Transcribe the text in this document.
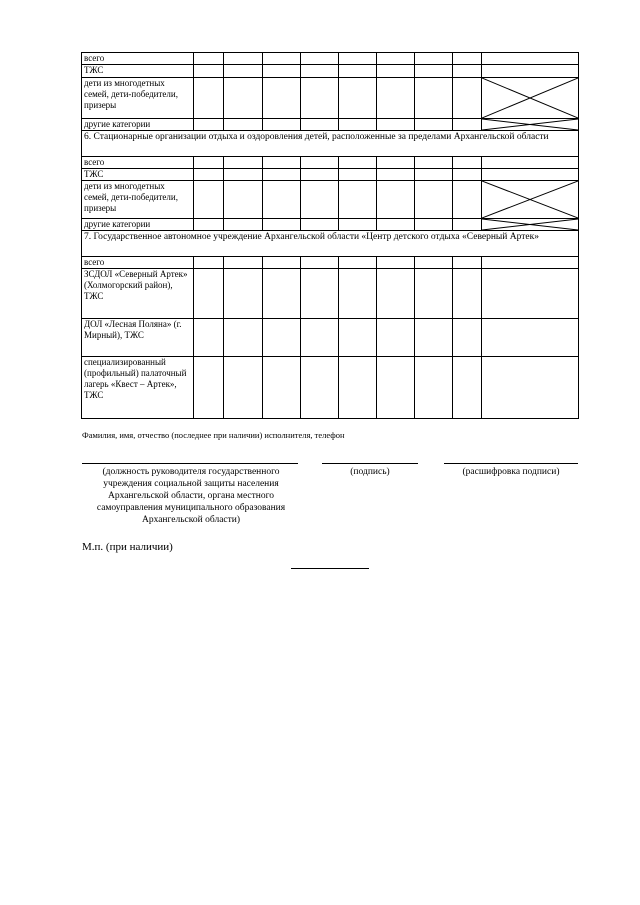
всего									
ТЖС									
дети из многодетных семей, дети-победители, призеры									

другие категории									

6. Стационарные организации отдыха и оздоровления детей, расположенные за пределами Архангельской области									
всего									
ТЖС									
дети из многодетных семей, дети-победители, призеры									

другие категории									

7. Государственное автономное учреждение Архангельской области «Центр детского отдыха «Северный Артек»									
всего									
ЗСДОЛ «Северный Артек» (Холмогорский район), ТЖС									
ДОЛ «Лесная Поляна» (г. Мирный), ТЖС									
специализированный (профильный) палаточный лагерь «Квест – Артек», ТЖС									
Фамилия, имя, отчество (последнее при наличии) исполнителя, телефон
(должность руководителя государственного учреждения социальной защиты населения Архангельской области, органа местного самоуправления муниципального образования Архангельской области)
(подпись)	(расшифровка подписи)
М.п. (при наличии)
